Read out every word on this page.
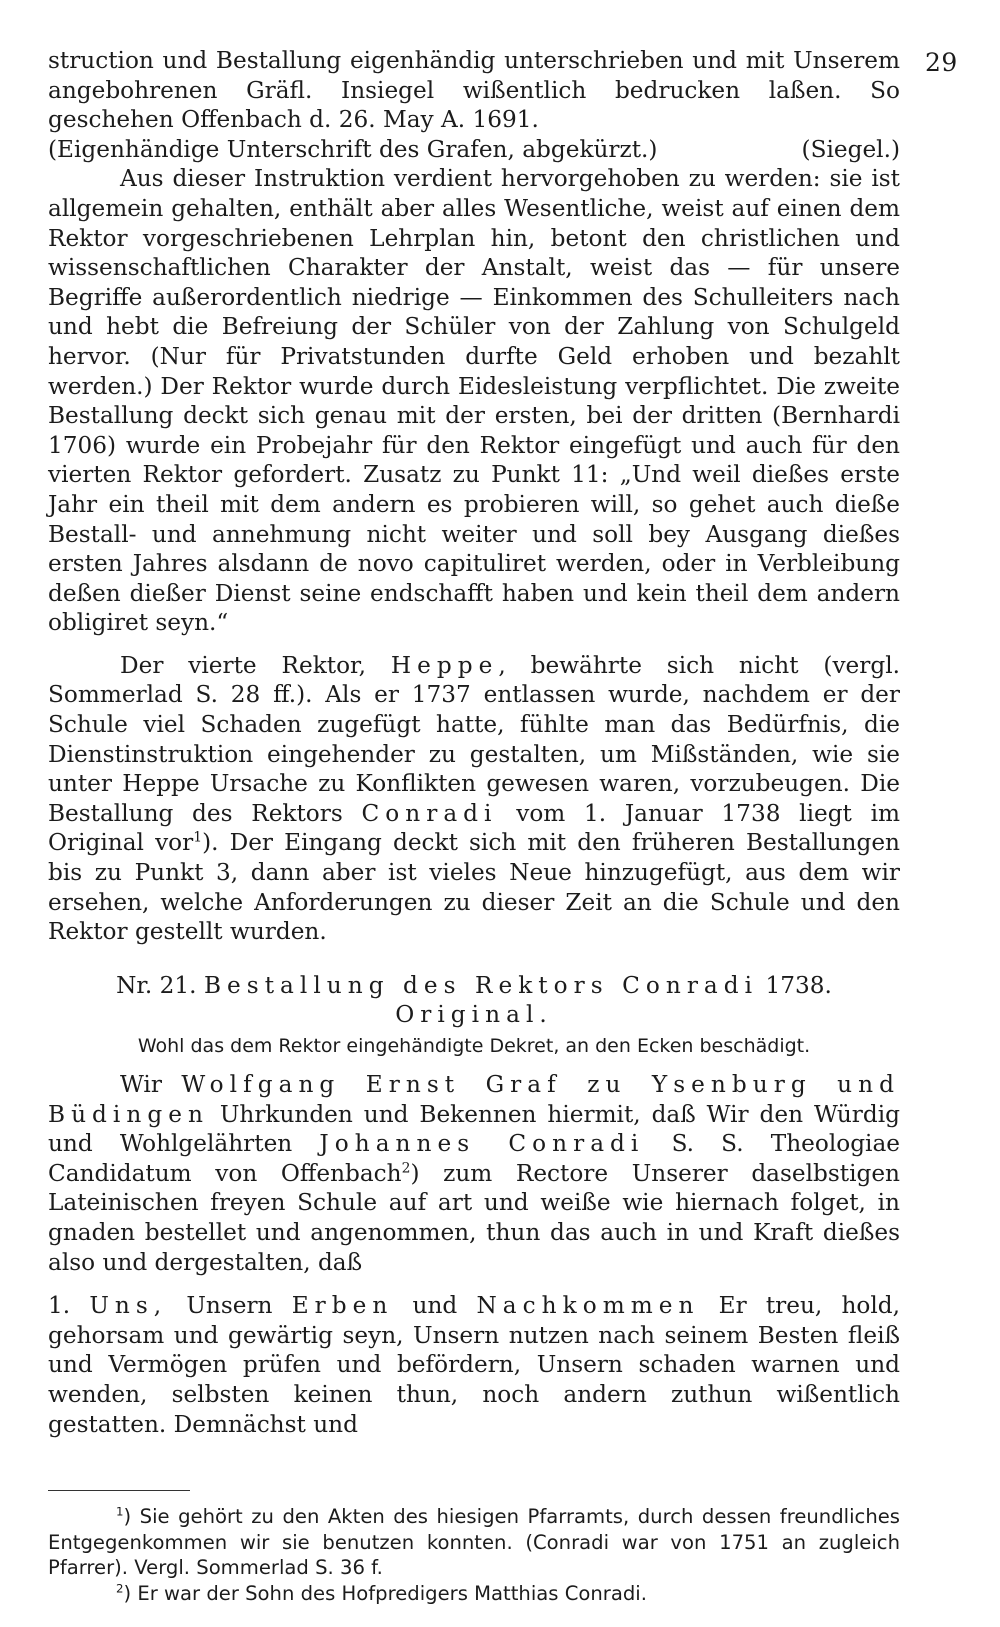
29

struction und Bestallung eigenhändig unterschrieben und mit Unserem angebohrenen Gräfl. Insiegel wißentlich bedrucken laßen. So geschehen Offenbach d. 26. May A. 1691.
(Eigenhändige Unterschrift des Grafen, abgekürzt.)	(Siegel.)

Aus dieser Instruktion verdient hervorgehoben zu werden: sie ist allgemein gehalten, enthält aber alles Wesentliche, weist auf einen dem Rektor vorgeschriebenen Lehrplan hin, betont den christlichen und wissenschaftlichen Charakter der Anstalt, weist das — für unsere Begriffe außerordentlich niedrige — Einkommen des Schulleiters nach und hebt die Befreiung der Schüler von der Zahlung von Schulgeld hervor. (Nur für Privatstunden durfte Geld erhoben und bezahlt werden.) Der Rektor wurde durch Eidesleistung verpflichtet. Die zweite Bestallung deckt sich genau mit der ersten, bei der dritten (Bernhardi 1706) wurde ein Probejahr für den Rektor eingefügt und auch für den vierten Rektor gefordert. Zusatz zu Punkt 11: „Und weil dießes erste Jahr ein theil mit dem andern es probieren will, so gehet auch dieße Bestall- und annehmung nicht weiter und soll bey Ausgang dießes ersten Jahres alsdann de novo capituliret werden, oder in Verbleibung deßen dießer Dienst seine endschafft haben und kein theil dem andern obligiret seyn.“

Der vierte Rektor, Heppe, bewährte sich nicht (vergl. Sommerlad S. 28 ff.). Als er 1737 entlassen wurde, nachdem er der Schule viel Schaden zugefügt hatte, fühlte man das Bedürfnis, die Dienstinstruktion eingehender zu gestalten, um Mißständen, wie sie unter Heppe Ursache zu Konflikten gewesen waren, vorzubeugen. Die Bestallung des Rektors Conradi vom 1. Januar 1738 liegt im Original vor$^1$). Der Eingang deckt sich mit den früheren Bestallungen bis zu Punkt 3, dann aber ist vieles Neue hinzugefügt, aus dem wir ersehen, welche Anforderungen zu dieser Zeit an die Schule und den Rektor gestellt wurden.

Nr. 21. Bestallung des Rektors Conradi 1738.

Original.

Wohl das dem Rektor eingehändigte Dekret, an den Ecken beschädigt.

Wir Wolfgang Ernst Graf zu Ysenburg und Büdingen Uhrkunden und Bekennen hiermit, daß Wir den Würdig und Wohlgelährten Johannes Conradi S. S. Theologiae Candidatum von Offenbach$^2$) zum Rectore Unserer daselbstigen Lateinischen freyen Schule auf art und weiße wie hiernach folget, in gnaden bestellet und angenommen, thun das auch in und Kraft dießes also und dergestalten, daß

1. Uns, Unsern Erben und Nachkommen Er treu, hold, gehorsam und gewärtig seyn, Unsern nutzen nach seinem Besten fleiß und Vermögen prüfen und befördern, Unsern schaden warnen und wenden, selbsten keinen thun, noch andern zuthun wißentlich gestatten. Demnächst und

$^1$) Sie gehört zu den Akten des hiesigen Pfarramts, durch dessen freundliches Entgegenkommen wir sie benutzen konnten. (Conradi war von 1751 an zugleich Pfarrer). Vergl. Sommerlad S. 36 f.

$^2$) Er war der Sohn des Hofpredigers Matthias Conradi.
